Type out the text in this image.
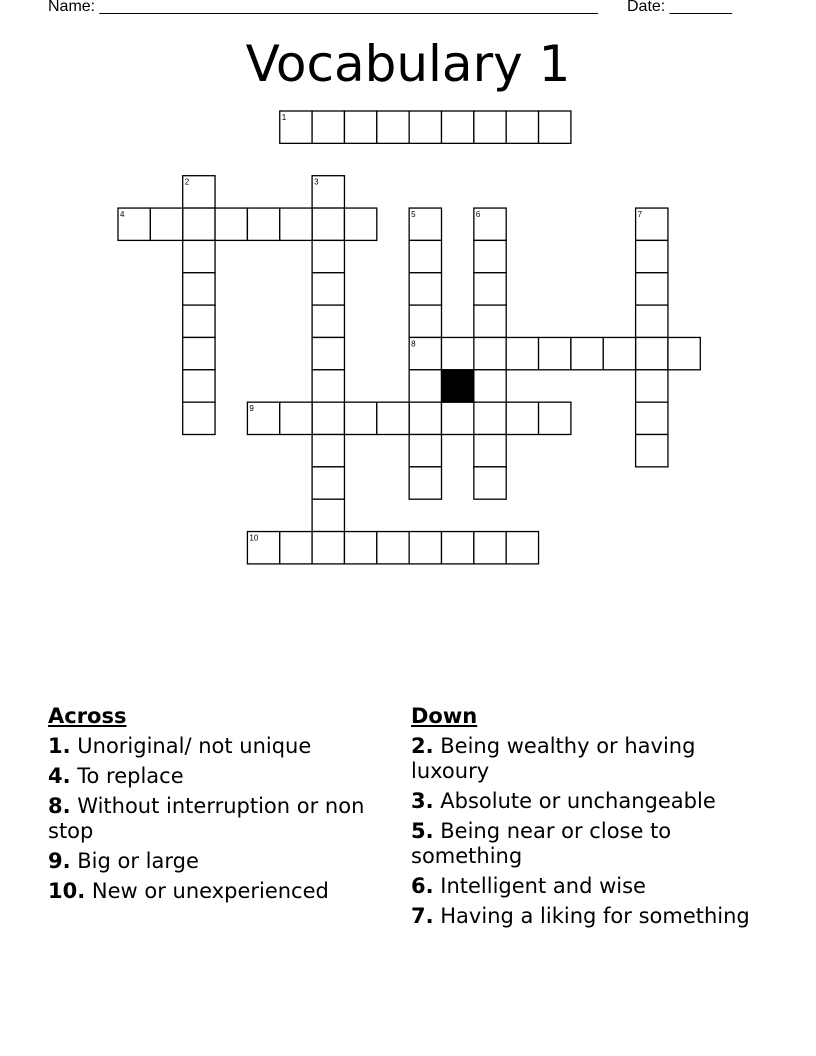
Name: ________________________________________________________ Date: _______
Vocabulary 1
1
2	3
4	5	6	7
8
9
10
Across
1. Unoriginal/ not unique
4. To replace
8. Without interruption or non stop
9. Big or large
10. New or unexperienced
Down
2. Being wealthy or having luxoury
3. Absolute or unchangeable
5. Being near or close to something
6. Intelligent and wise
7. Having a liking for something
